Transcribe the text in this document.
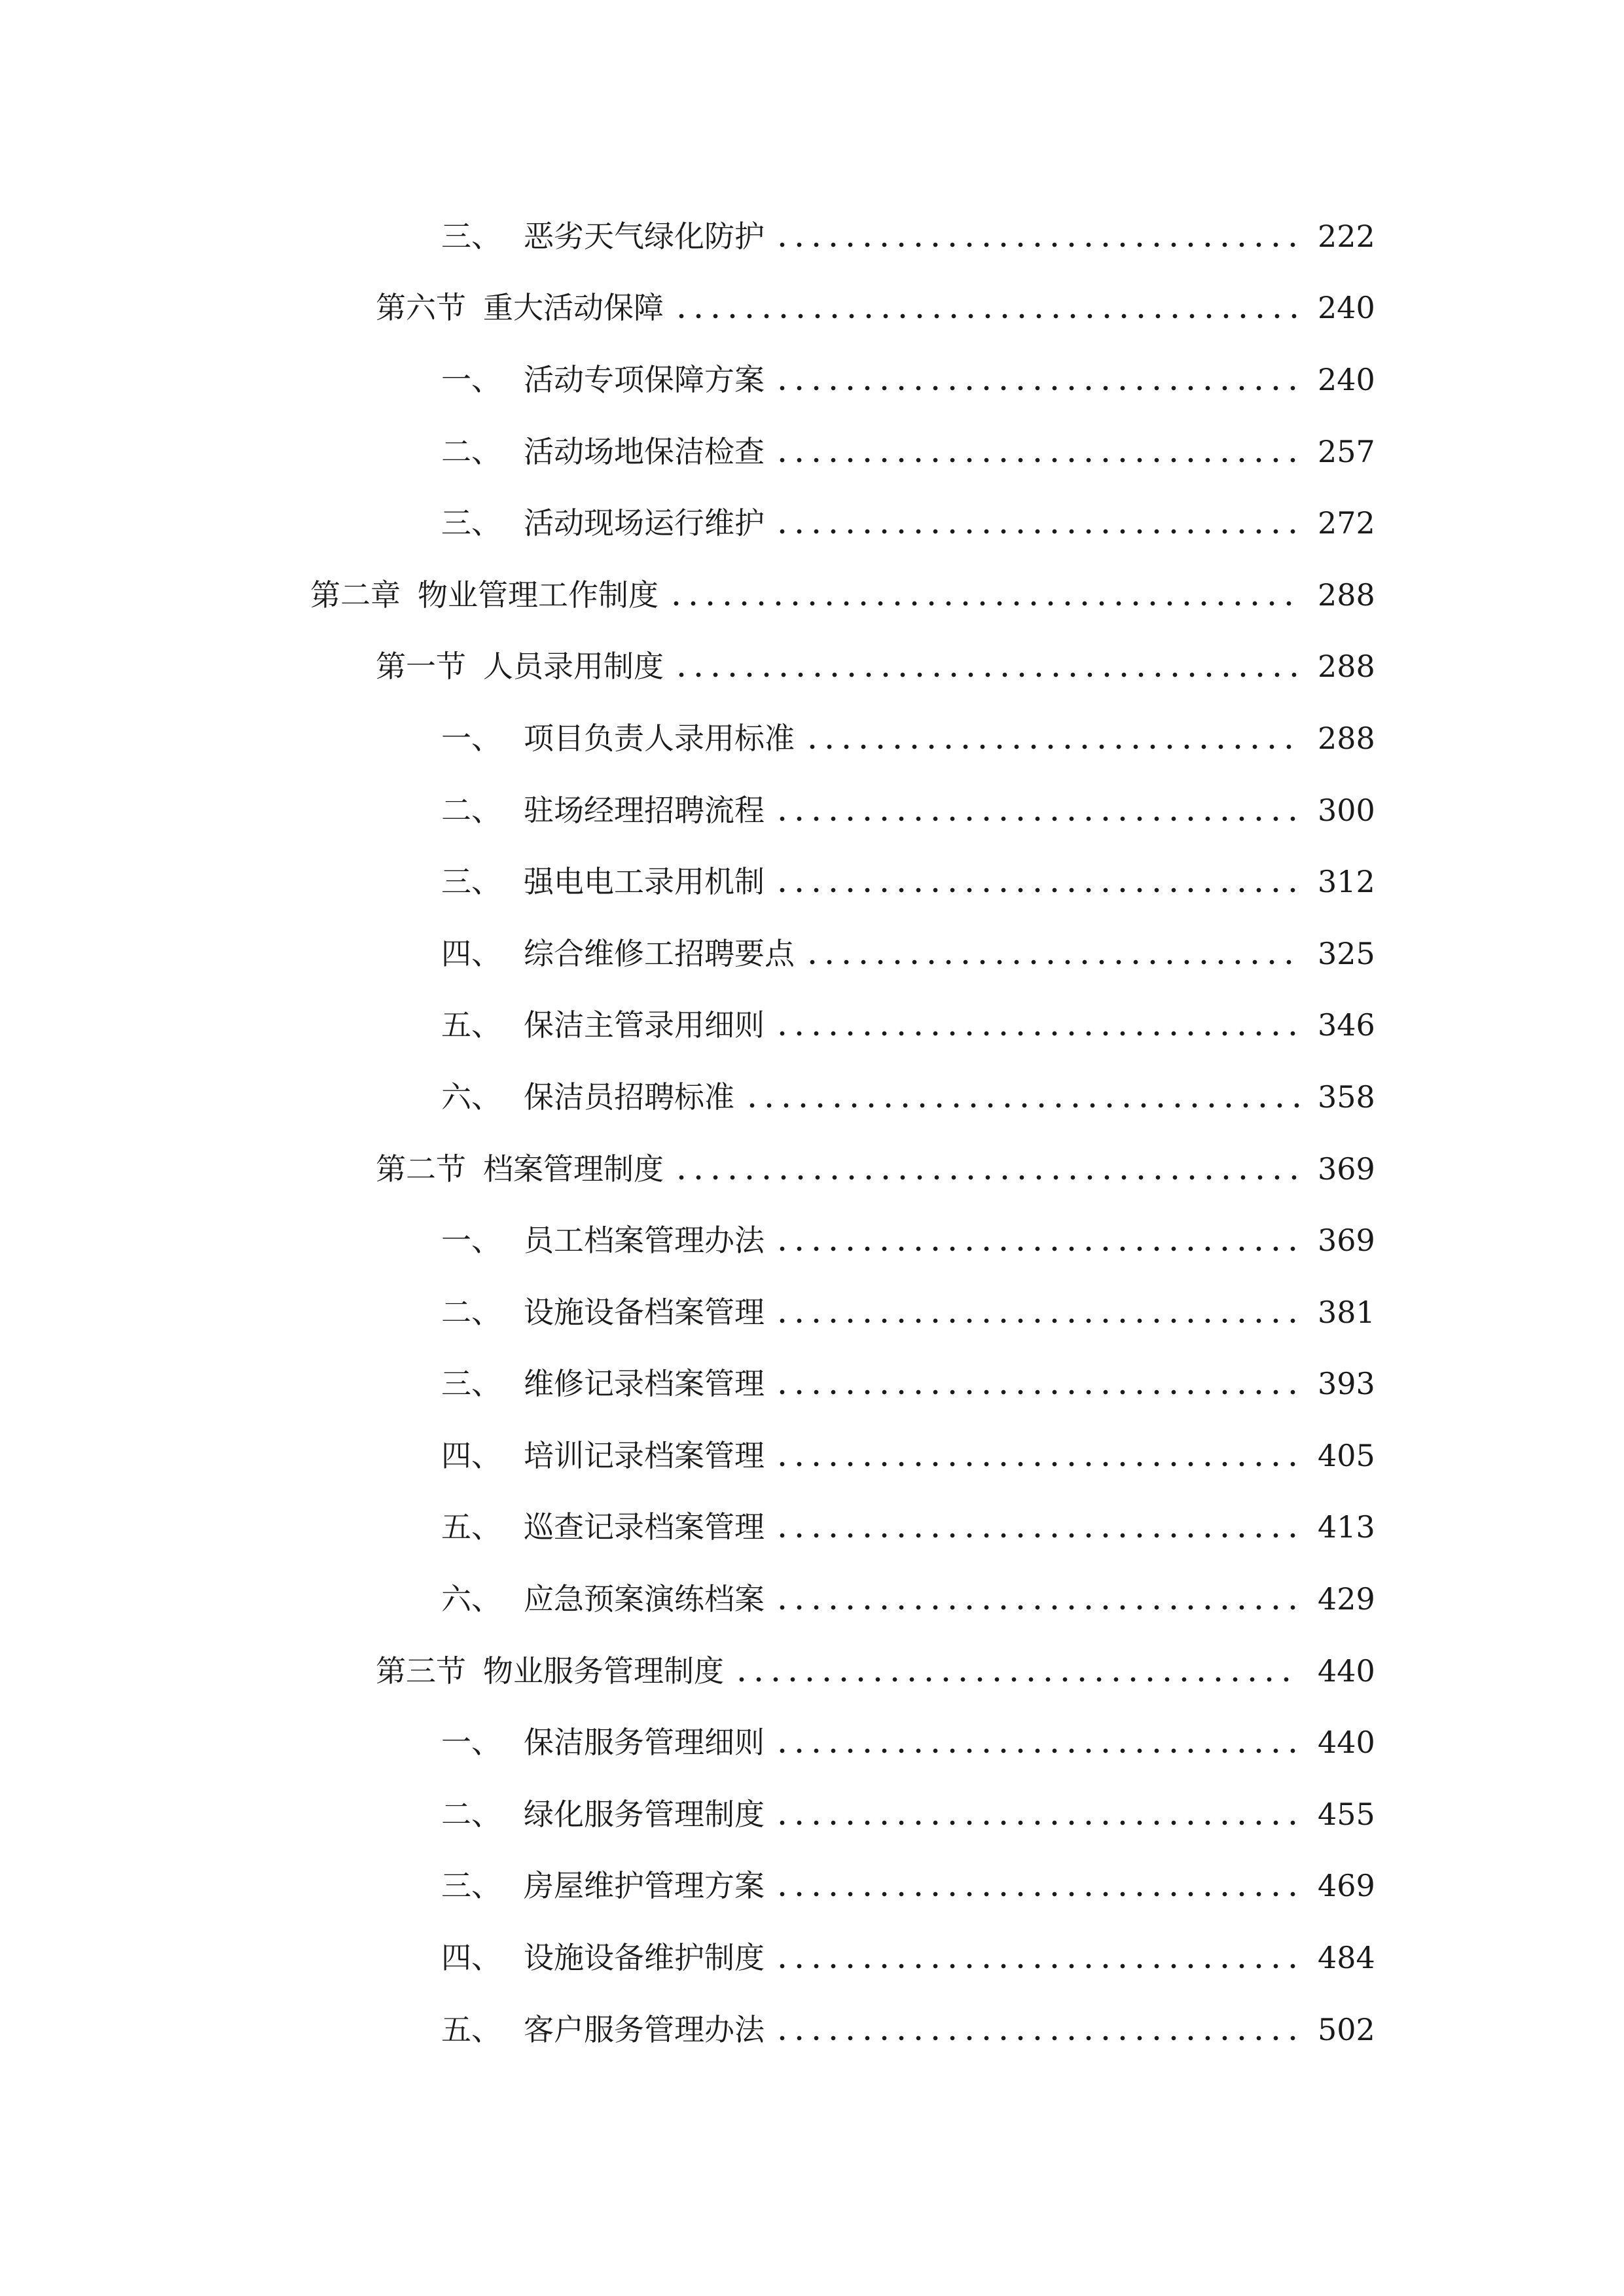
三、 恶劣天气绿化防护	222
第六节 重大活动保障	240
一、 活动专项保障方案	240
二、 活动场地保洁检查	257
三、 活动现场运行维护	272
第二章 物业管理工作制度	288
第一节 人员录用制度	288
一、 项目负责人录用标准	288
二、 驻场经理招聘流程	300
三、 强电电工录用机制	312
四、 综合维修工招聘要点	325
五、 保洁主管录用细则	346
六、 保洁员招聘标准	358
第二节 档案管理制度	369
一、 员工档案管理办法	369
二、 设施设备档案管理	381
三、 维修记录档案管理	393
四、 培训记录档案管理	405
五、 巡查记录档案管理	413
六、 应急预案演练档案	429
第三节 物业服务管理制度	440
一、 保洁服务管理细则	440
二、 绿化服务管理制度	455
三、 房屋维护管理方案	469
四、 设施设备维护制度	484
五、 客户服务管理办法	502
